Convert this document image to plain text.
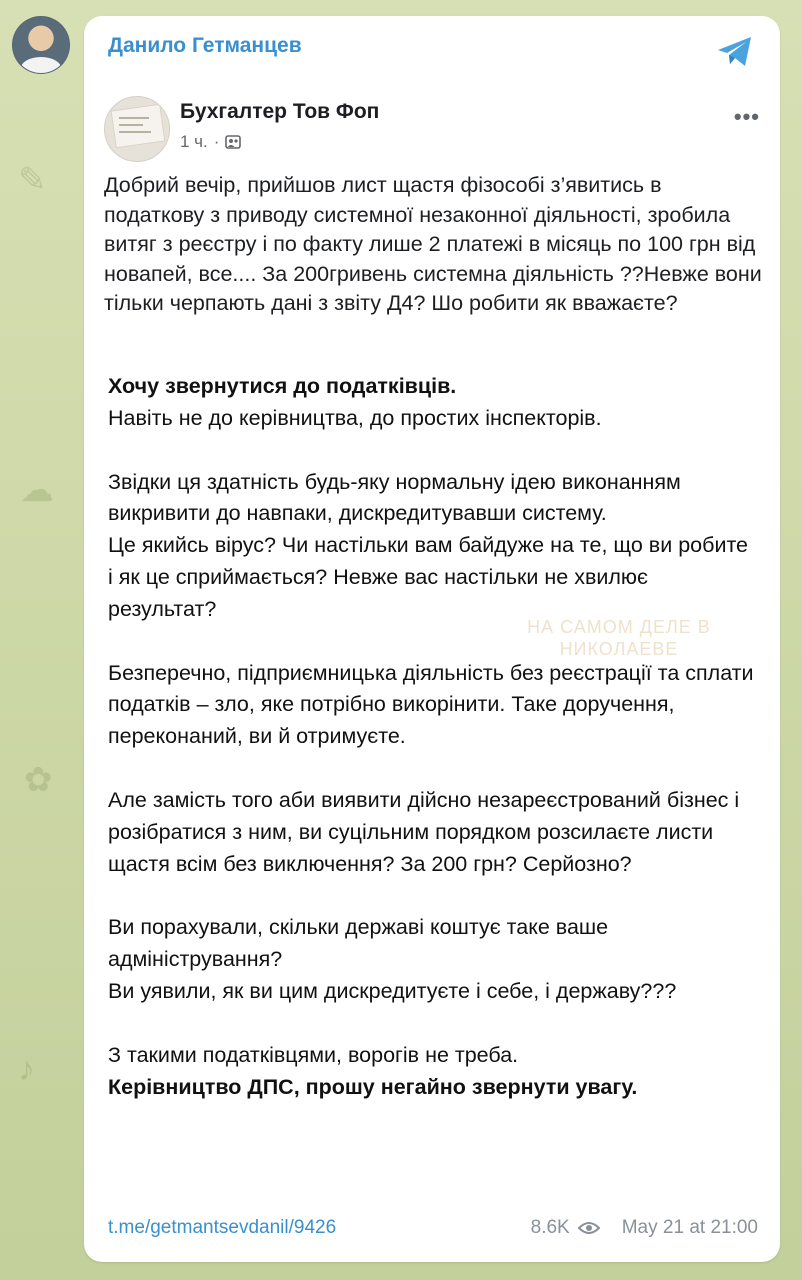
✎
☁
✿
♪
Данило Гетманцев
Бухгалтер Тов Фоп
1 ч. ·
•••
Добрий вечір, прийшов лист щастя фізособі з’явитись в податкову з приводу системної незаконної діяльності, зробила витяг з реєстру і по факту лише 2 платежі в місяць по 100 грн від новапей, все.... За 200гривень системна діяльність ??Невже вони тільки черпають дані з звіту Д4? Шо робити як вважаєте?
НА САМОМ ДЕЛЕ В
НИКОЛАЕВЕ

Хочу звернутися до податківців.
Навіть не до керівництва, до простих інспекторів.

Звідки ця здатність будь-яку нормальну ідею виконанням викривити до навпаки, дискредитувавши систему.
Це якийсь вірус? Чи настільки вам байдуже на те, що ви робите і як це сприймається? Невже вас настільки не хвилює результат?

Безперечно, підприємницька діяльність без реєстрації та сплати податків – зло, яке потрібно викорінити. Таке доручення, переконаний, ви й отримуєте.

Але замість того аби виявити дійсно незареєстрований бізнес і розібратися з ним, ви суцільним порядком розсилаєте листи щастя всім без виключення? За 200 грн? Серйозно?

Ви порахували, скільки державі коштує таке ваше адміністрування?
Ви уявили, як ви цим дискредитуєте і себе, і державу???

З такими податківцями, ворогів не треба.
Керівництво ДПС, прошу негайно звернути увагу.

t.me/getmantsevdanil/9426	8.6K	May 21 at 21:00
